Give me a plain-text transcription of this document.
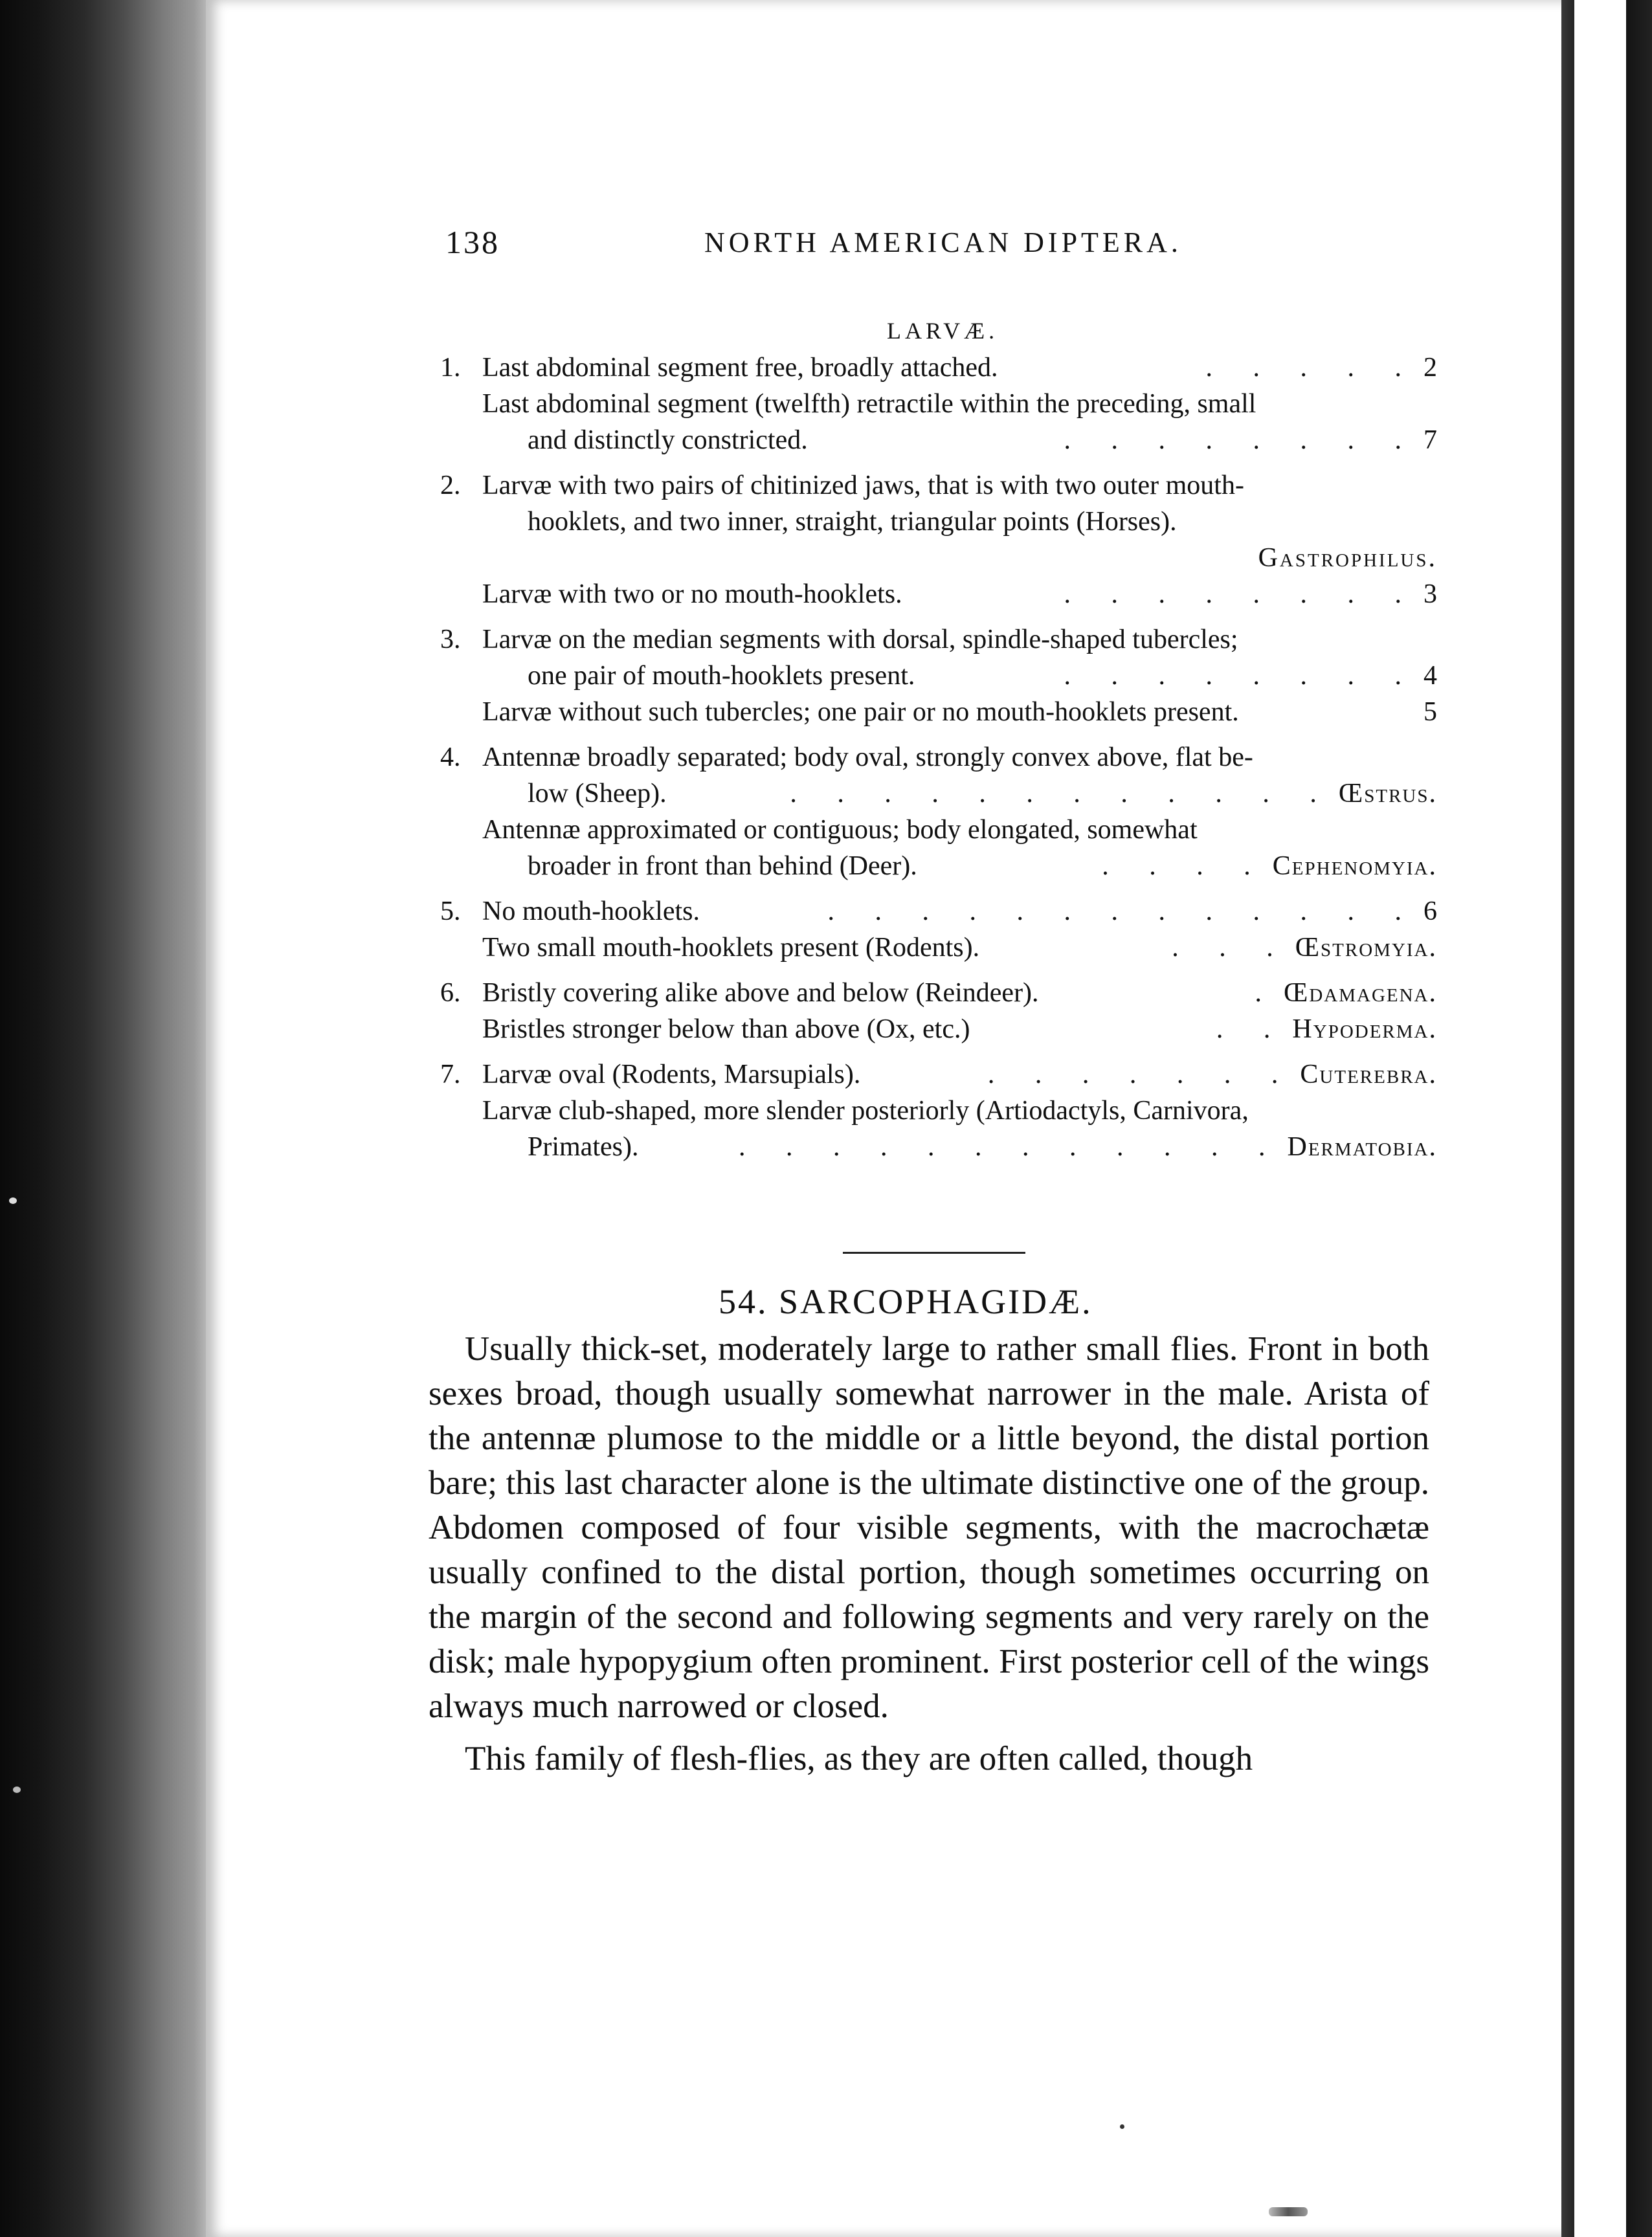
138	NORTH AMERICAN DIPTERA.
LARVÆ.
1. Last abdominal segment free, broadly attached.	. . . . . 2
Last abdominal segment (twelfth) retractile within the preceding, small
and distinctly constricted.	. . . . . . . . 7
2. Larvæ with two pairs of chitinized jaws, that is with two outer mouth-
hooklets, and two inner, straight, triangular points (Horses).
Gastrophilus.
Larvæ with two or no mouth-hooklets.	. . . . . . . . 3
3. Larvæ on the median segments with dorsal, spindle-shaped tubercles;
one pair of mouth-hooklets present.	. . . . . . . . 4
Larvæ without such tubercles; one pair or no mouth-hooklets present.	5
4. Antennæ broadly separated; body oval, strongly convex above, flat be-
low (Sheep).	. . . . . . . . . . . . Œstrus.
Antennæ approximated or contiguous; body elongated, somewhat
broader in front than behind (Deer).	. . . . Cephenomyia.
5. No mouth-hooklets.	. . . . . . . . . . . . . 6
Two small mouth-hooklets present (Rodents).	. . . Œstromyia.
6. Bristly covering alike above and below (Reindeer).	. Œdamagena.
Bristles stronger below than above (Ox, etc.)	. . Hypoderma.
7. Larvæ oval (Rodents, Marsupials).	. . . . . . . Cuterebra.
Larvæ club-shaped, more slender posteriorly (Artiodactyls, Carnivora,
Primates).	. . . . . . . . . . . . Dermatobia.
54. SARCOPHAGIDÆ.

Usually thick-set, moderately large to rather small flies. Front in both sexes broad, though usually somewhat narrower in the male. Arista of the antennæ plumose to the middle or a little beyond, the distal portion bare; this last character alone is the ultimate distinctive one of the group. Abdomen composed of four visible segments, with the macrochætæ usually confined to the distal portion, though sometimes occurring on the margin of the second and following segments and very rarely on the disk; male hypopygium often prominent. First posterior cell of the wings always much narrowed or closed.

This family of flesh-flies, as they are often called, though
